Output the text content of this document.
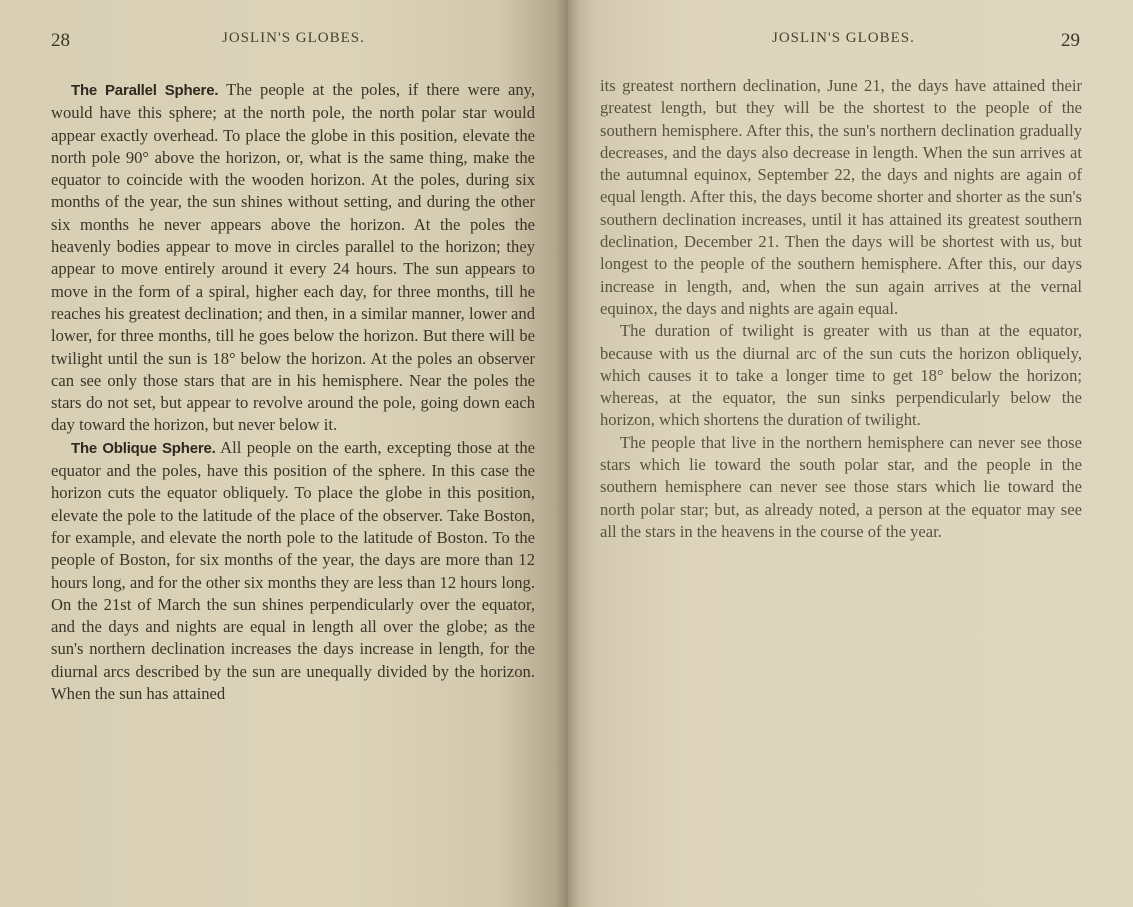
28	JOSLIN'S GLOBES.

The Parallel Sphere. The people at the poles, if there were any, would have this sphere; at the north pole, the north polar star would appear exactly overhead. To place the globe in this position, elevate the north pole 90° above the horizon, or, what is the same thing, make the equator to coincide with the wooden horizon. At the poles, during six months of the year, the sun shines without setting, and during the other six months he never appears above the horizon. At the poles the heavenly bodies appear to move in circles parallel to the horizon; they appear to move entirely around it every 24 hours. The sun appears to move in the form of a spiral, higher each day, for three months, till he reaches his greatest declination; and then, in a similar manner, lower and lower, for three months, till he goes below the horizon. But there will be twilight until the sun is 18° below the horizon. At the poles an observer can see only those stars that are in his hemisphere. Near the poles the stars do not set, but appear to revolve around the pole, going down each day toward the horizon, but never below it.

The Oblique Sphere. All people on the earth, excepting those at the equator and the poles, have this position of the sphere. In this case the horizon cuts the equator obliquely. To place the globe in this position, elevate the pole to the latitude of the place of the observer. Take Boston, for example, and elevate the north pole to the latitude of Boston. To the people of Boston, for six months of the year, the days are more than 12 hours long, and for the other six months they are less than 12 hours long. On the 21st of March the sun shines perpendicularly over the equator, and the days and nights are equal in length all over the globe; as the sun's northern declination increases the days increase in length, for the diurnal arcs described by the sun are unequally divided by the horizon. When the sun has attained

JOSLIN'S GLOBES.	29

its greatest northern declination, June 21, the days have attained their greatest length, but they will be the shortest to the people of the southern hemisphere. After this, the sun's northern declination gradually decreases, and the days also decrease in length. When the sun arrives at the autumnal equinox, September 22, the days and nights are again of equal length. After this, the days become shorter and shorter as the sun's southern declination increases, until it has attained its greatest southern declination, December 21. Then the days will be shortest with us, but longest to the people of the southern hemisphere. After this, our days increase in length, and, when the sun again arrives at the vernal equinox, the days and nights are again equal.

The duration of twilight is greater with us than at the equator, because with us the diurnal arc of the sun cuts the horizon obliquely, which causes it to take a longer time to get 18° below the horizon; whereas, at the equator, the sun sinks perpendicularly below the horizon, which shortens the duration of twilight.

The people that live in the northern hemisphere can never see those stars which lie toward the south polar star, and the people in the southern hemisphere can never see those stars which lie toward the north polar star; but, as already noted, a person at the equator may see all the stars in the heavens in the course of the year.
